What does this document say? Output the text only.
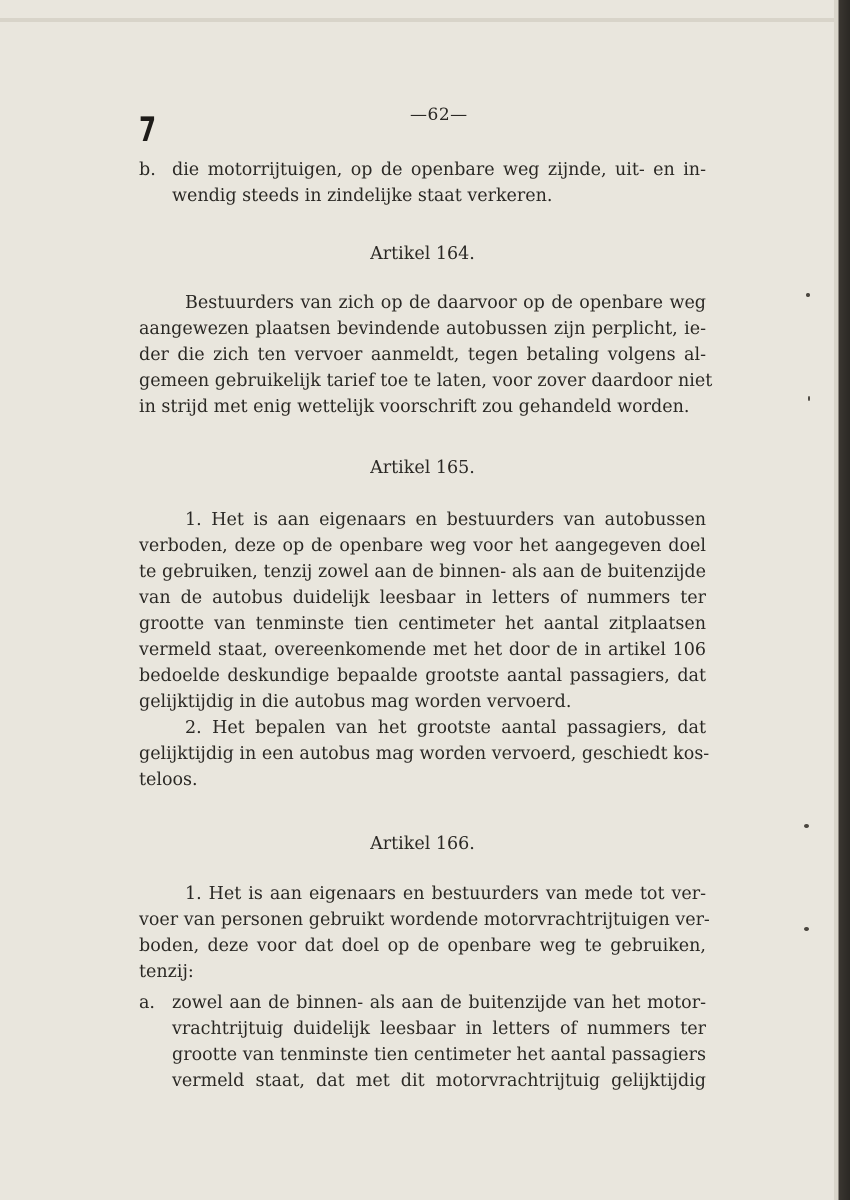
7	—62—
b. die motorrijtuigen, op de openbare weg zijnde, uit- en in-
wendig steeds in zindelijke staat verkeren.
Artikel 164.
Bestuurders van zich op de daarvoor op de openbare weg
aangewezen plaatsen bevindende autobussen zijn perplicht, ie-
der die zich ten vervoer aanmeldt, tegen betaling volgens al-
gemeen gebruikelijk tarief toe te laten, voor zover daardoor niet
in strijd met enig wettelijk voorschrift zou gehandeld worden.
Artikel 165.
1. Het is aan eigenaars en bestuurders van autobussen
verboden, deze op de openbare weg voor het aangegeven doel
te gebruiken, tenzij zowel aan de binnen- als aan de buitenzijde
van de autobus duidelijk leesbaar in letters of nummers ter
grootte van tenminste tien centimeter het aantal zitplaatsen
vermeld staat, overeenkomende met het door de in artikel 106
bedoelde deskundige bepaalde grootste aantal passagiers, dat
gelijktijdig in die autobus mag worden vervoerd.
2. Het bepalen van het grootste aantal passagiers, dat
gelijktijdig in een autobus mag worden vervoerd, geschiedt kos-
teloos.
Artikel 166.
1. Het is aan eigenaars en bestuurders van mede tot ver-
voer van personen gebruikt wordende motorvrachtrijtuigen ver-
boden, deze voor dat doel op de openbare weg te gebruiken,
tenzij:
a. zowel aan de binnen- als aan de buitenzijde van het motor-
vrachtrijtuig duidelijk leesbaar in letters of nummers ter
grootte van tenminste tien centimeter het aantal passagiers
vermeld staat, dat met dit motorvrachtrijtuig gelijktijdig
